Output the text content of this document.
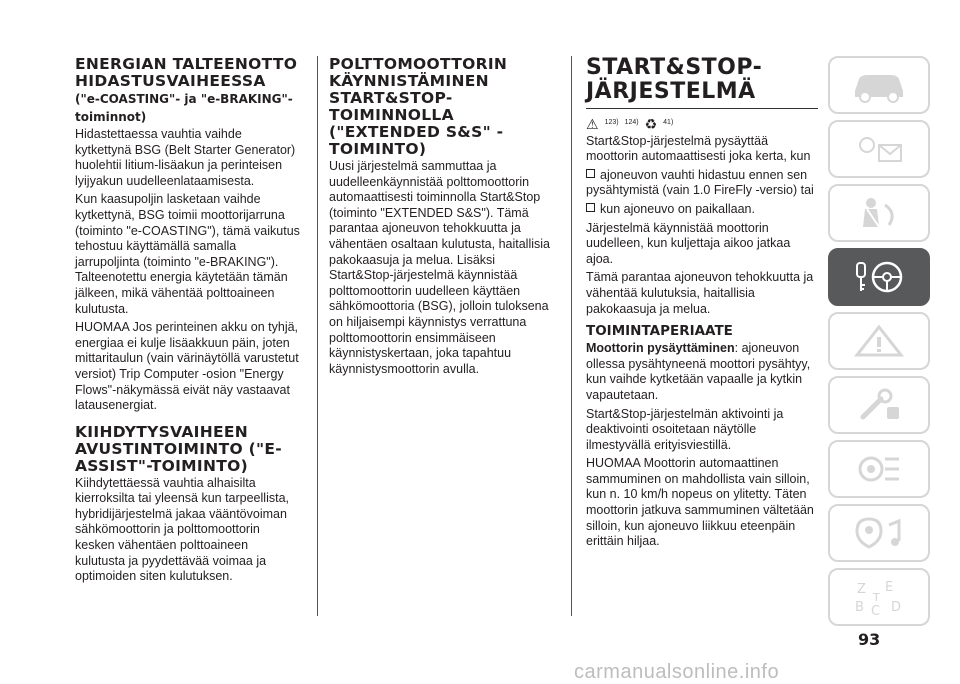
ENERGIAN TALTEENOTTO HIDASTUSVAIHEESSA
("e-COASTING"- ja "e-BRAKING"-toiminnot)

Hidastettaessa vauhtia vaihde kytkettynä BSG (Belt Starter Generator) huolehtii litium-lisäakun ja perinteisen lyijyakun uudelleenlataamisesta.

Kun kaasupoljin lasketaan vaihde kytkettynä, BSG toimii moottorijarruna (toiminto "e-COASTING"), tämä vaikutus tehostuu käyttämällä samalla jarrupoljinta (toiminto "e-BRAKING"). Talteenotettu energia käytetään tämän jälkeen, mikä vähentää polttoaineen kulutusta.

HUOMAA Jos perinteinen akku on tyhjä, energiaa ei kulje lisäakkuun päin, joten mittaritaulun (vain värinäytöllä varustetut versiot) Trip Computer -osion "Energy Flows"-näkymässä eivät näy vastaavat latausenergiat.

KIIHDYTYSVAIHEEN AVUSTINTOIMINTO ("E-ASSIST"-TOIMINTO)

Kiihdytettäessä vauhtia alhaisilta kierroksilta tai yleensä kun tarpeellista, hybridijärjestelmä jakaa vääntövoiman sähkömoottorin ja polttomoottorin kesken vähentäen polttoaineen kulutusta ja pyydettävää voimaa ja optimoiden siten kulutuksen.

POLTTOMOOTTORIN KÄYNNISTÄMINEN START&STOP-TOIMINNOLLA ("EXTENDED S&S" -TOIMINTO)

Uusi järjestelmä sammuttaa ja uudelleenkäynnistää polttomoottorin automaattisesti toiminnolla Start&Stop (toiminto "EXTENDED S&S"). Tämä parantaa ajoneuvon tehokkuutta ja vähentäen osaltaan kulutusta, haitallisia pakokaasuja ja melua. Lisäksi Start&Stop-järjestelmä käynnistää polttomoottorin uudelleen käyttäen sähkömoottoria (BSG), jolloin tuloksena on hiljaisempi käynnistys verrattuna polttomoottorin ensimmäiseen käynnistyskertaan, joka tapahtuu käynnistysmoottorin avulla.

START&STOP-JÄRJESTELMÄ
⚠ 123) 124) ♻ 41)

Start&Stop-järjestelmä pysäyttää moottorin automaattisesti joka kerta, kun

ajoneuvon vauhti hidastuu ennen sen pysähtymistä (vain 1.0 FireFly -versio) tai

kun ajoneuvo on paikallaan.

Järjestelmä käynnistää moottorin uudelleen, kun kuljettaja aikoo jatkaa ajoa.

Tämä parantaa ajoneuvon tehokkuutta ja vähentää kulutuksia, haitallisia pakokaasuja ja melua.

TOIMINTAPERIAATE

Moottorin pysäyttäminen: ajoneuvon ollessa pysähtyneenä moottori pysähtyy, kun vaihde kytketään vapaalle ja kytkin vapautetaan.

Start&Stop-järjestelmän aktivointi ja deaktivointi osoitetaan näytölle ilmestyvällä erityisviestillä.

HUOMAA Moottorin automaattinen sammuminen on mahdollista vain silloin, kun n. 10 km/h nopeus on ylitetty. Täten moottorin jatkuva sammuminen vältetään silloin, kun ajoneuvo liikkuu eteenpäin erittäin hiljaa.

Z E
B C D
T
93
carmanualsonline.info
